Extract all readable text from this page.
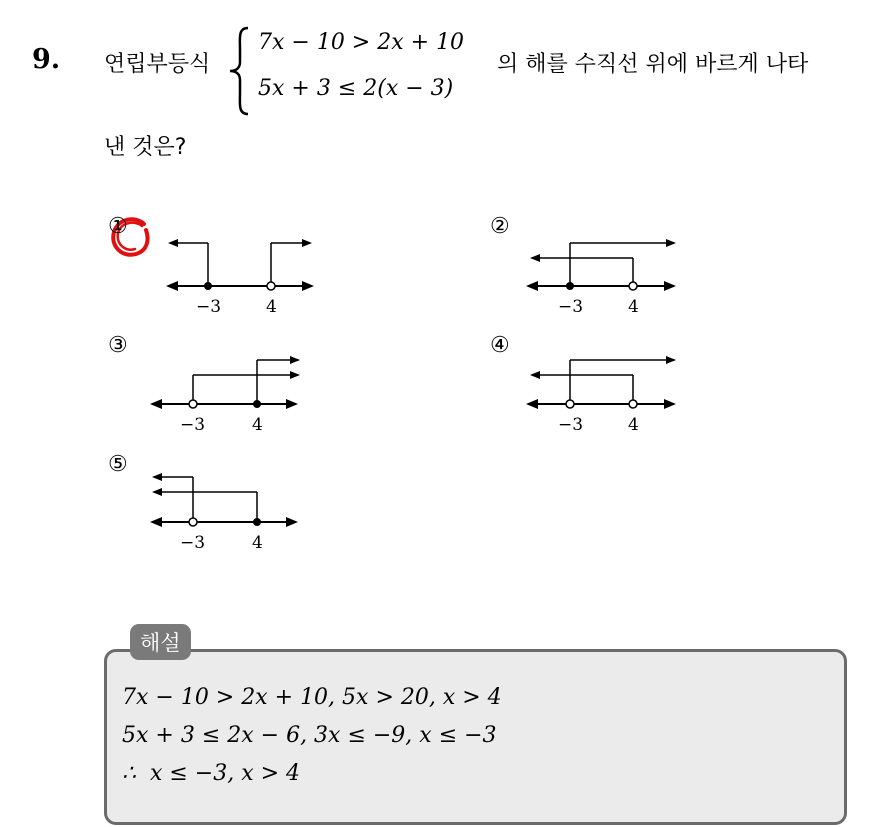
9. 연립부등식
7x − 10 > 2x + 10
5x + 3 ≤ 2(x − 3)
의 해를 수직선 위에 바르게 나타
낸 것은?
①
−3	4
②
−3	4
③
−3	4
④
−3	4
⑤
−3	4
해설
7x − 10 > 2x + 10, 5x > 20, x > 4
5x + 3 ≤ 2x − 6, 3x ≤ −9, x ≤ −3
∴  x ≤ −3, x > 4
